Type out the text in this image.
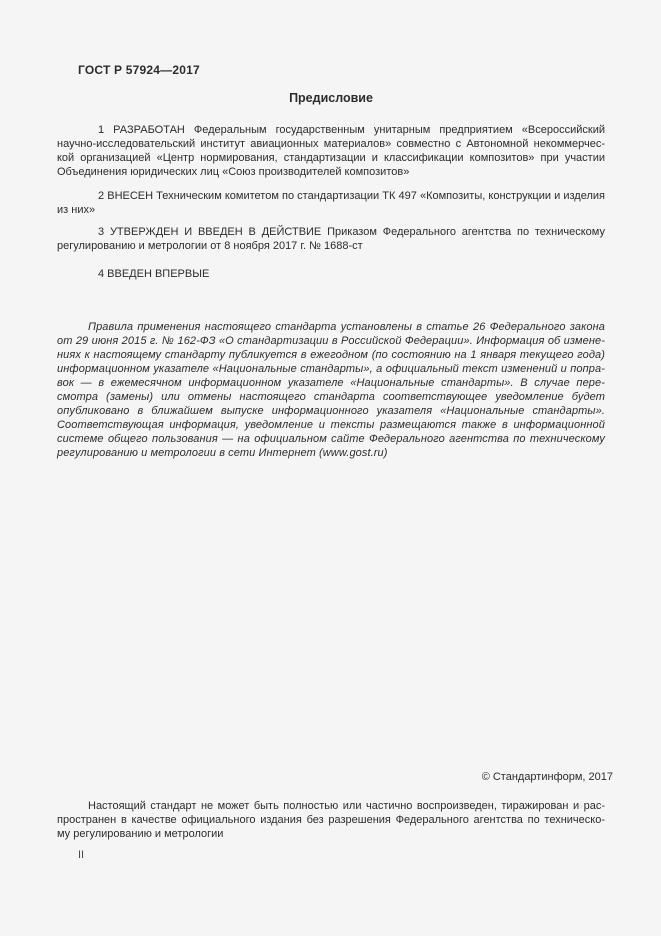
ГОСТ Р 57924—2017
Предисловие
1 РАЗРАБОТАН Федеральным государственным унитарным предприятием «Всероссийский
научно-исследовательский институт авиационных материалов» совместно с Автономной некоммерчес-
кой организацией «Центр нормирования, стандартизации и классификации композитов» при участии
Объединения юридических лиц «Союз производителей композитов»
2 ВНЕСЕН Техническим комитетом по стандартизации ТК 497 «Композиты, конструкции и изделия
из них»
3 УТВЕРЖДЕН И ВВЕДЕН В ДЕЙСТВИЕ Приказом Федерального агентства по техническому
регулированию и метрологии от 8 ноября 2017 г. № 1688-ст
4 ВВЕДЕН ВПЕРВЫЕ
Правила применения настоящего стандарта установлены в статье 26 Федерального закона
от 29 июня 2015 г. № 162-ФЗ «О стандартизации в Российской Федерации». Информация об измене-
ниях к настоящему стандарту публикуется в ежегодном (по состоянию на 1 января текущего года)
информационном указателе «Национальные стандарты», а официальный текст изменений и попра-
вок — в ежемесячном информационном указателе «Национальные стандарты». В случае пере-
смотра (замены) или отмены настоящего стандарта соответствующее уведомление будет
опубликовано в ближайшем выпуске информационного указателя «Национальные стандарты».
Соответствующая информация, уведомление и тексты размещаются также в информационной
системе общего пользования — на официальном сайте Федерального агентства по техническому
регулированию и метрологии в сети Интернет (www.gost.ru)
© Стандартинформ, 2017
Настоящий стандарт не может быть полностью или частично воспроизведен, тиражирован и рас-
пространен в качестве официального издания без разрешения Федерального агентства по техническо-
му регулированию и метрологии
II
